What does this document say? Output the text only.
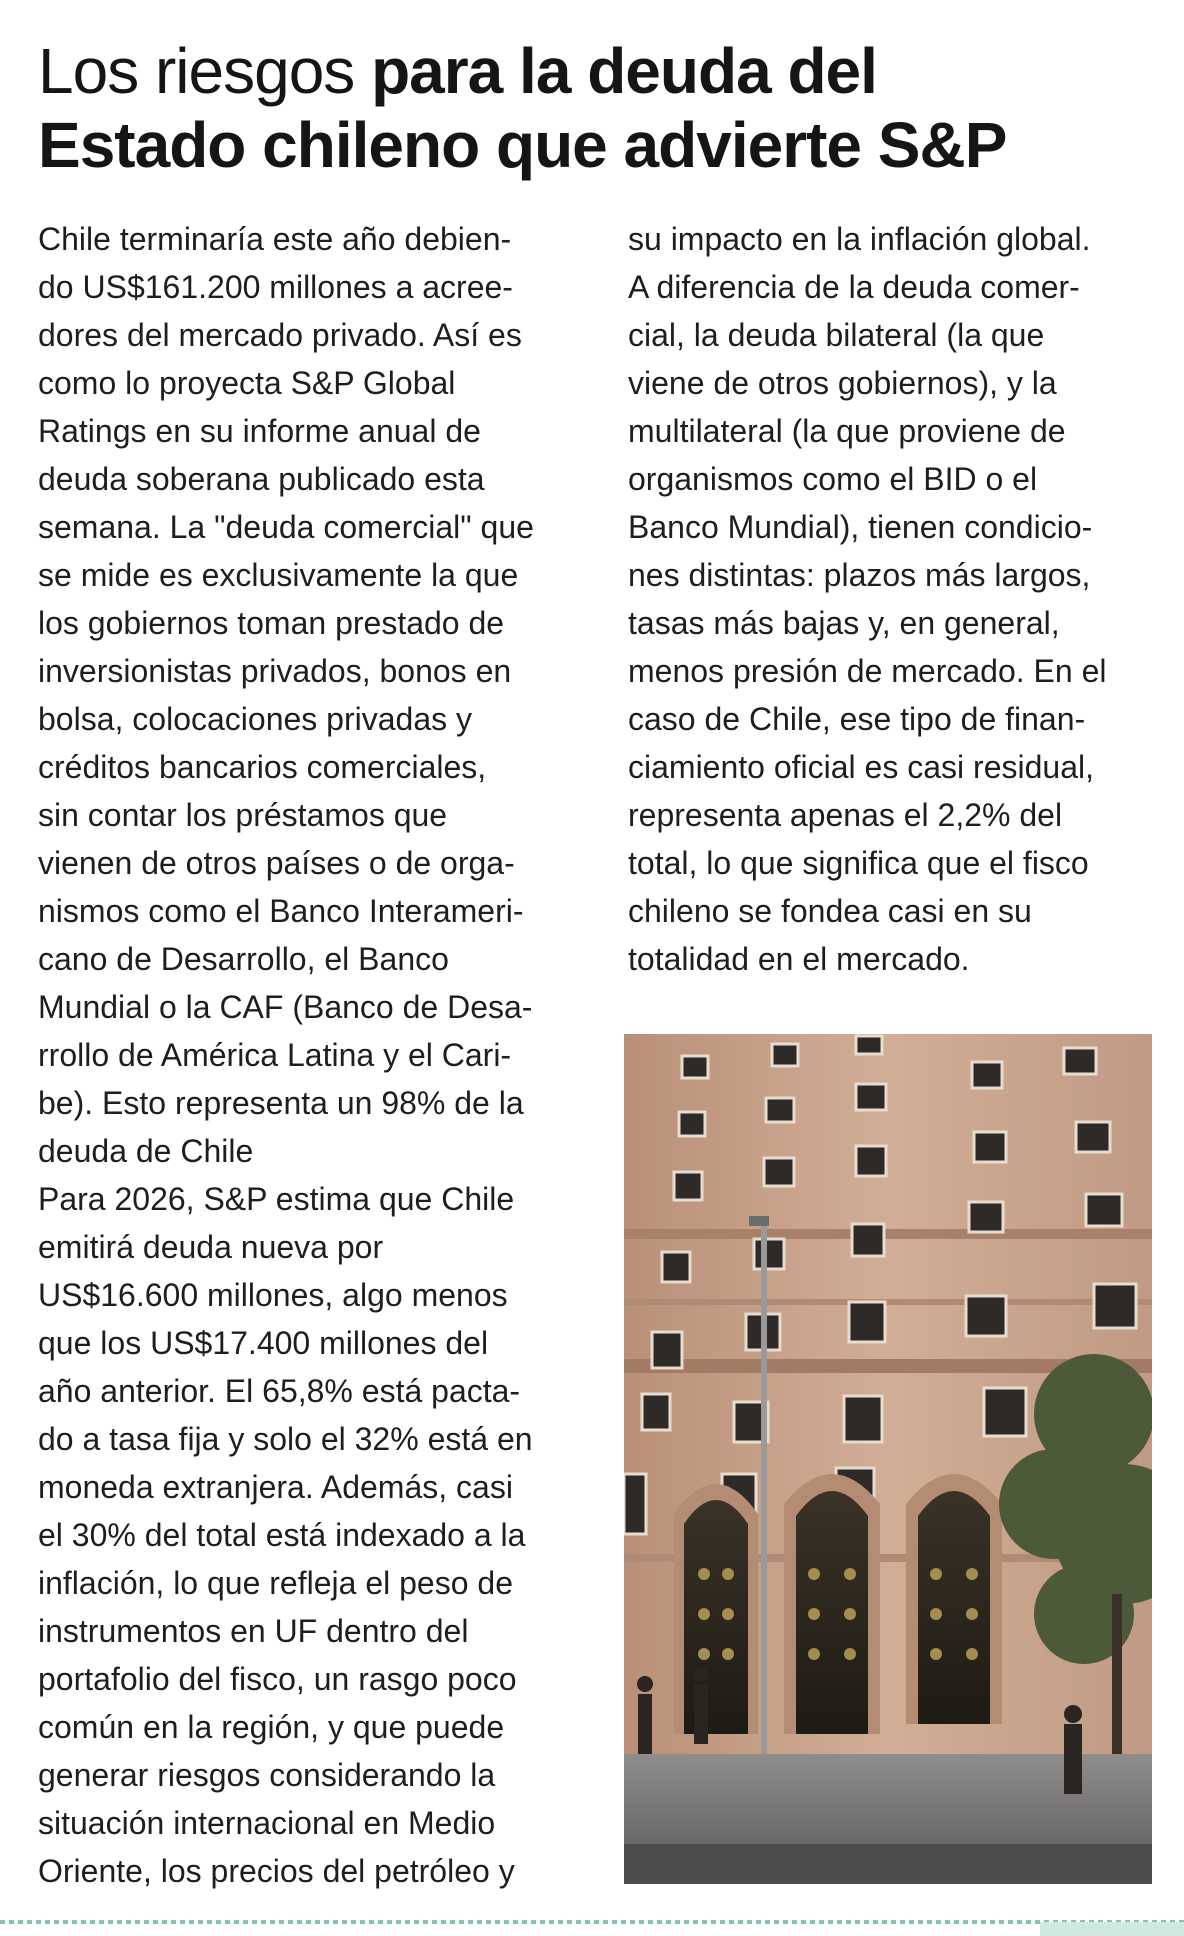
Los riesgos para la deuda del
Estado chileno que advierte S&P

Chile terminaría este año debien-
do US$161.200 millones a acree-
dores del mercado privado. Así es
como lo proyecta S&P Global
Ratings en su informe anual de
deuda soberana publicado esta
semana. La "deuda comercial" que
se mide es exclusivamente la que
los gobiernos toman prestado de
inversionistas privados, bonos en
bolsa, colocaciones privadas y
créditos bancarios comerciales,
sin contar los préstamos que
vienen de otros países o de orga-
nismos como el Banco Interameri-
cano de Desarrollo, el Banco
Mundial o la CAF (Banco de Desa-
rrollo de América Latina y el Cari-
be). Esto representa un 98% de la
deuda de Chile
Para 2026, S&P estima que Chile
emitirá deuda nueva por
US$16.600 millones, algo menos
que los US$17.400 millones del
año anterior. El 65,8% está pacta-
do a tasa fija y solo el 32% está en
moneda extranjera. Además, casi
el 30% del total está indexado a la
inflación, lo que refleja el peso de
instrumentos en UF dentro del
portafolio del fisco, un rasgo poco
común en la región, y que puede
generar riesgos considerando la
situación internacional en Medio
Oriente, los precios del petróleo y

su impacto en la inflación global.
A diferencia de la deuda comer-
cial, la deuda bilateral (la que
viene de otros gobiernos), y la
multilateral (la que proviene de
organismos como el BID o el
Banco Mundial), tienen condicio-
nes distintas: plazos más largos,
tasas más bajas y, en general,
menos presión de mercado. En el
caso de Chile, ese tipo de finan-
ciamiento oficial es casi residual,
representa apenas el 2,2% del
total, lo que significa que el fisco
chileno se fondea casi en su
totalidad en el mercado.
